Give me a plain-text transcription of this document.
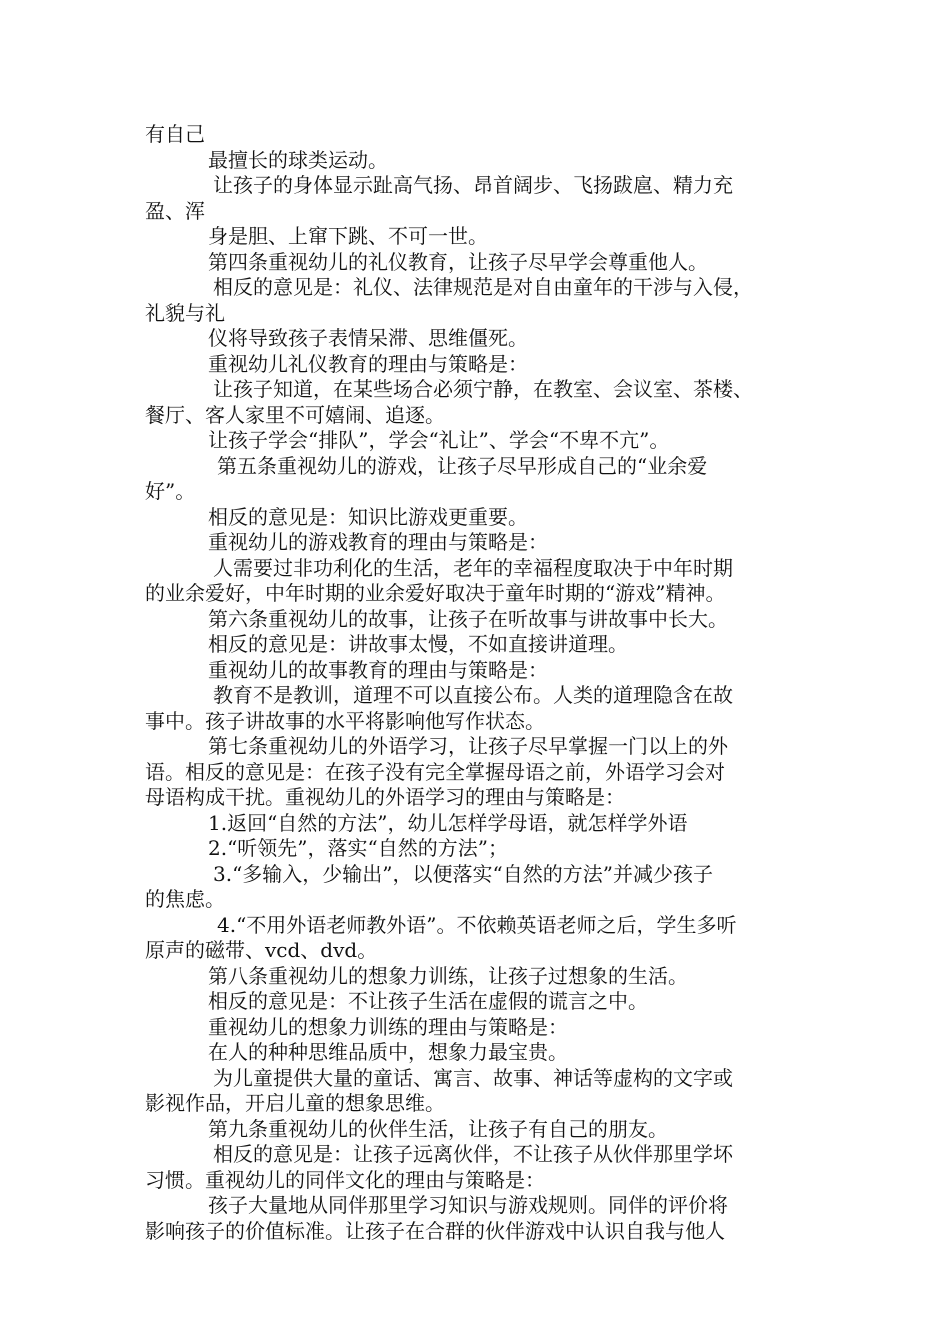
有自己
最擅长的球类运动。
让孩子的身体显示趾高气扬、昂首阔步、飞扬跋扈、精力充
盈、浑
身是胆、上窜下跳、不可一世。
第四条重视幼儿的礼仪教育，让孩子尽早学会尊重他人。
相反的意见是：礼仪、法律规范是对自由童年的干涉与入侵，
礼貌与礼
仪将导致孩子表情呆滞、思维僵死。
重视幼儿礼仪教育的理由与策略是：
让孩子知道，在某些场合必须宁静，在教室、会议室、茶楼、
餐厅、客人家里不可嬉闹、追逐。
让孩子学会“排队”，学会“礼让”、学会“不卑不亢”。
第五条重视幼儿的游戏，让孩子尽早形成自己的“业余爱
好”。
相反的意见是：知识比游戏更重要。
重视幼儿的游戏教育的理由与策略是：
人需要过非功利化的生活，老年的幸福程度取决于中年时期
的业余爱好，中年时期的业余爱好取决于童年时期的“游戏”精神。
第六条重视幼儿的故事，让孩子在听故事与讲故事中长大。
相反的意见是：讲故事太慢，不如直接讲道理。
重视幼儿的故事教育的理由与策略是：
教育不是教训，道理不可以直接公布。人类的道理隐含在故
事中。孩子讲故事的水平将影响他写作状态。
第七条重视幼儿的外语学习，让孩子尽早掌握一门以上的外
语。相反的意见是：在孩子没有完全掌握母语之前，外语学习会对
母语构成干扰。重视幼儿的外语学习的理由与策略是：
1.返回“自然的方法”，幼儿怎样学母语，就怎样学外语
2.“听领先”，落实“自然的方法”；
3.“多输入，少输出”，以便落实“自然的方法”并减少孩子
的焦虑。
4.“不用外语老师教外语”。不依赖英语老师之后，学生多听
原声的磁带、vcd、dvd。
第八条重视幼儿的想象力训练，让孩子过想象的生活。
相反的意见是：不让孩子生活在虚假的谎言之中。
重视幼儿的想象力训练的理由与策略是：
在人的种种思维品质中，想象力最宝贵。
为儿童提供大量的童话、寓言、故事、神话等虚构的文字或
影视作品，开启儿童的想象思维。
第九条重视幼儿的伙伴生活，让孩子有自己的朋友。
相反的意见是：让孩子远离伙伴，不让孩子从伙伴那里学坏
习惯。重视幼儿的同伴文化的理由与策略是：
孩子大量地从同伴那里学习知识与游戏规则。同伴的评价将
影响孩子的价值标准。让孩子在合群的伙伴游戏中认识自我与他人
